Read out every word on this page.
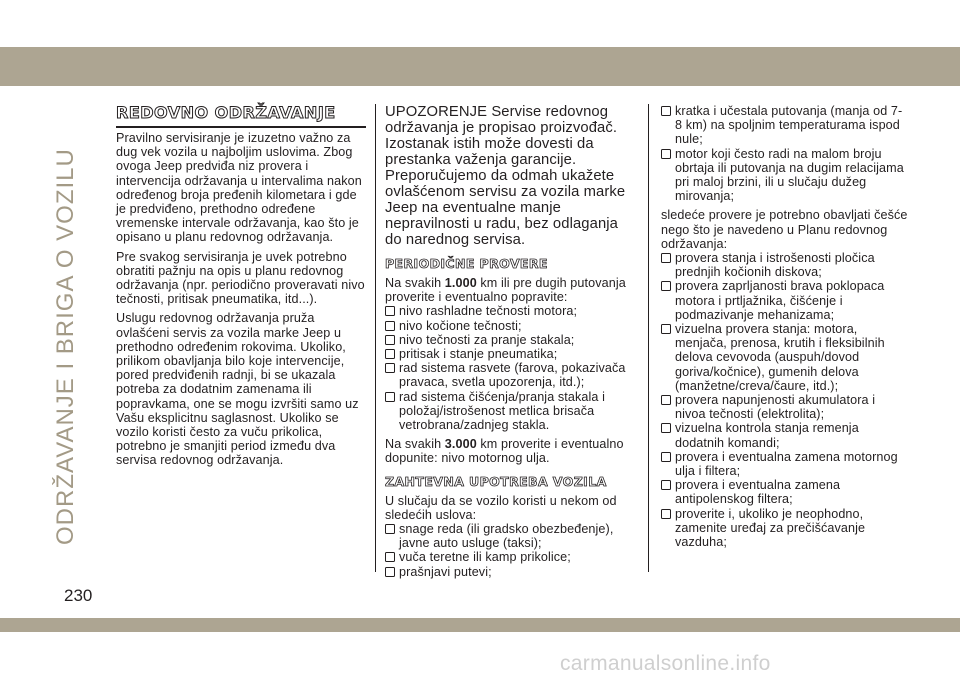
ODRŽAVANJE I BRIGA O VOZILU
REDOVNO ODRŽAVANJE

Pravilno servisiranje je izuzetno važno za dug vek vozila u najboljim uslovima. Zbog ovoga Jeep predviđa niz provera i intervencija održavanja u intervalima nakon određenog broja pređenih kilometara i gde je predviđeno, prethodno određene vremenske intervale održavanja, kao što je opisano u planu redovnog održavanja.

Pre svakog servisiranja je uvek potrebno obratiti pažnju na opis u planu redovnog održavanja (npr. periodično proveravati nivo tečnosti, pritisak pneumatika, itd...).

Uslugu redovnog održavanja pruža ovlašćeni servis za vozila marke Jeep u prethodno određenim rokovima. Ukoliko, prilikom obavljanja bilo koje intervencije, pored predviđenih radnji, bi se ukazala potreba za dodatnim zamenama ili popravkama, one se mogu izvršiti samo uz Vašu eksplicitnu saglasnost. Ukoliko se vozilo koristi često za vuču prikolica, potrebno je smanjiti period između dva servisa redovnog održavanja.

UPOZORENJE Servise redovnog održavanja je propisao proizvođač. Izostanak istih može dovesti da prestanka važenja garancije. Preporučujemo da odmah ukažete ovlašćenom servisu za vozila marke Jeep na eventualne manje nepravilnosti u radu, bez odlaganja do narednog servisa.

PERIODIČNE PROVERE

Na svakih 1.000 km ili pre dugih putovanja proverite i eventualno popravite:

nivo rashladne tečnosti motora;
nivo kočione tečnosti;
nivo tečnosti za pranje stakala;
pritisak i stanje pneumatika;
rad sistema rasvete (farova, pokazivača pravaca, svetla upozorenja, itd.);
rad sistema čišćenja/pranja stakala i položaj/istrošenost metlica brisača vetrobrana/zadnjeg stakla.

Na svakih 3.000 km proverite i eventualno dopunite: nivo motornog ulja.

ZAHTEVNA UPOTREBA VOZILA

U slučaju da se vozilo koristi u nekom od sledećih uslova:

snage reda (ili gradsko obezbeđenje), javne auto usluge (taksi);
vuča teretne ili kamp prikolice;
prašnjavi putevi;
kratka i učestala putovanja (manja od 7-8 km) na spoljnim temperaturama ispod nule;
motor koji često radi na malom broju obrtaja ili putovanja na dugim relacijama pri maloj brzini, ili u slučaju dužeg mirovanja;

sledeće provere je potrebno obavljati češće nego što je navedeno u Planu redovnog održavanja:

provera stanja i istrošenosti pločica prednjih kočionih diskova;
provera zaprljanosti brava poklopaca motora i prtljažnika, čišćenje i podmazivanje mehanizama;
vizuelna provera stanja: motora, menjača, prenosa, krutih i fleksibilnih delova cevovoda (auspuh/dovod goriva/kočnice), gumenih delova (manžetne/creva/čaure, itd.);
provera napunjenosti akumulatora i nivoa tečnosti (elektrolita);
vizuelna kontrola stanja remenja dodatnih komandi;
provera i eventualna zamena motornog ulja i filtera;
provera i eventualna zamena antipolenskog filtera;
proverite i, ukoliko je neophodno, zamenite uređaj za prečišćavanje vazduha;
230
carmanualsonline.info
